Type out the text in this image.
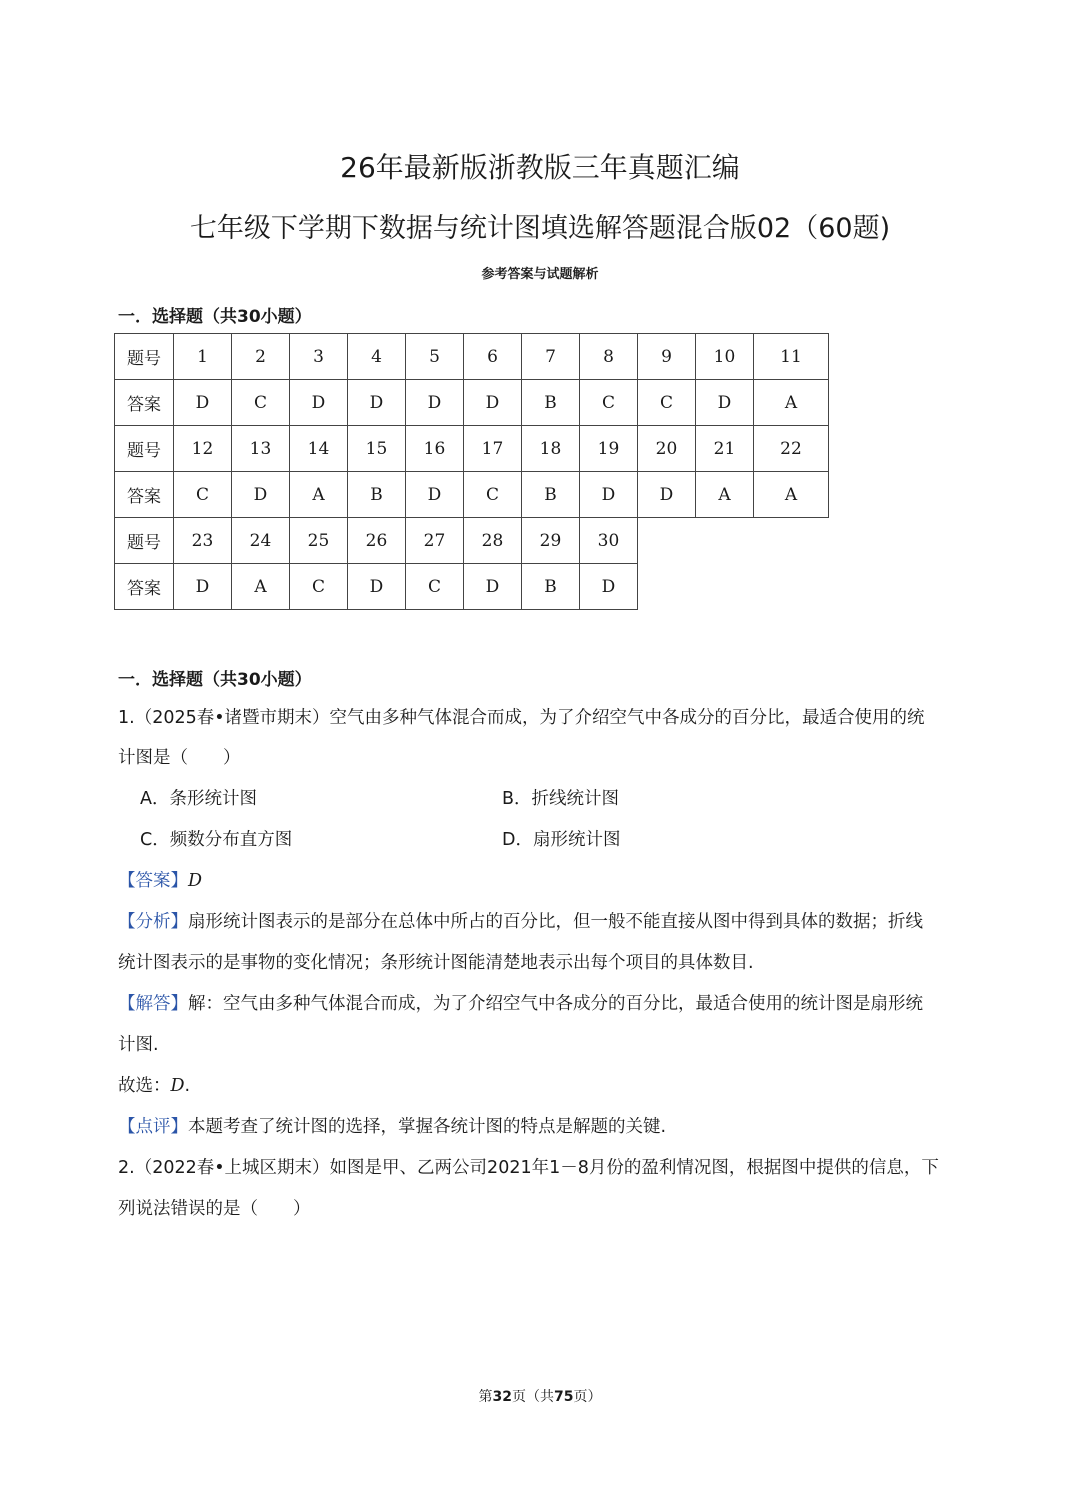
26年最新版浙教版三年真题汇编
七年级下学期下数据与统计图填选解答题混合版02（60题)
参考答案与试题解析
一．选择题（共30小题）
题号	1	2	3	4	5	6	7	8	9	10	11
答案	D	C	D	D	D	D	B	C	C	D	A
题号	12	13	14	15	16	17	18	19	20	21	22
答案	C	D	A	B	D	C	B	D	D	A	A
题号	23	24	25	26	27	28	29	30			
答案	D	A	C	D	C	D	B	D			
一．选择题（共30小题）
1.（2025春•诸暨市期末）空气由多种气体混合而成，为了介绍空气中各成分的百分比，最适合使用的统
计图是（　　）
A．条形统计图	B．折线统计图
C．频数分布直方图	D．扇形统计图
【答案】D
【分析】扇形统计图表示的是部分在总体中所占的百分比，但一般不能直接从图中得到具体的数据；折线
统计图表示的是事物的变化情况；条形统计图能清楚地表示出每个项目的具体数目.
【解答】解：空气由多种气体混合而成，为了介绍空气中各成分的百分比，最适合使用的统计图是扇形统
计图.
故选：D.
【点评】本题考查了统计图的选择，掌握各统计图的特点是解题的关键.
2.（2022春•上城区期末）如图是甲、乙两公司2021年1－8月份的盈利情况图，根据图中提供的信息，下
列说法错误的是（　　）
第32页（共75页）
